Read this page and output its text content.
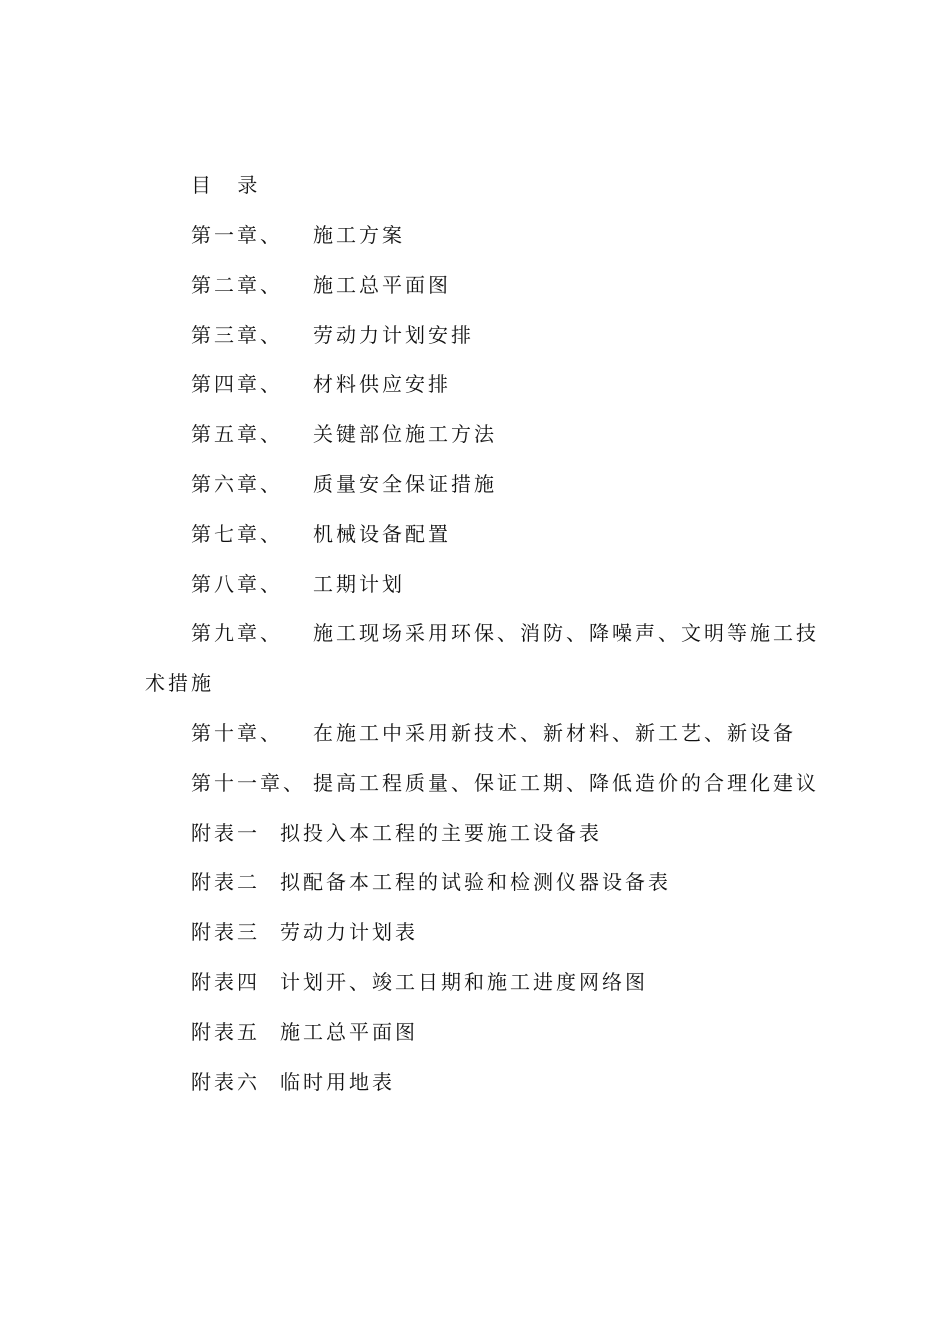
目 录
第一章、 施工方案
第二章、 施工总平面图
第三章、 劳动力计划安排
第四章、 材料供应安排
第五章、 关键部位施工方法
第六章、 质量安全保证措施
第七章、 机械设备配置
第八章、 工期计划
第九章、 施工现场采用环保、消防、降噪声、文明等施工技
术措施
第十章、 在施工中采用新技术、新材料、新工艺、新设备
第十一章、 提高工程质量、保证工期、降低造价的合理化建议
附表一 拟投入本工程的主要施工设备表
附表二 拟配备本工程的试验和检测仪器设备表
附表三 劳动力计划表
附表四 计划开、竣工日期和施工进度网络图
附表五 施工总平面图
附表六 临时用地表
